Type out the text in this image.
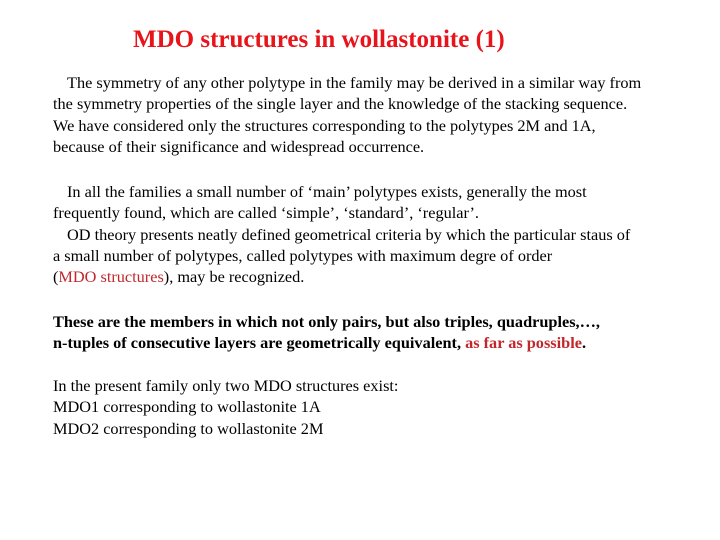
MDO structures in wollastonite (1)
The symmetry of any other polytype in the family may be derived in a similar way from
the symmetry properties of the single layer and the knowledge of the stacking sequence.
We have considered only the structures corresponding to the polytypes 2M and 1A,
because of their significance and widespread occurrence.
In all the families a small number of ‘main’ polytypes exists, generally the most
frequently found, which are called ‘simple’, ‘standard’, ‘regular’.
OD theory presents neatly defined geometrical criteria by which the particular staus of
a small number of polytypes, called polytypes with maximum degre of order
(MDO structures), may be recognized.
These are the members in which not only pairs, but also triples, quadruples,…,
n-tuples of consecutive layers are geometrically equivalent, as far as possible.
In the present family only two MDO structures exist:
MDO1 corresponding to wollastonite 1A
MDO2 corresponding to wollastonite 2M
